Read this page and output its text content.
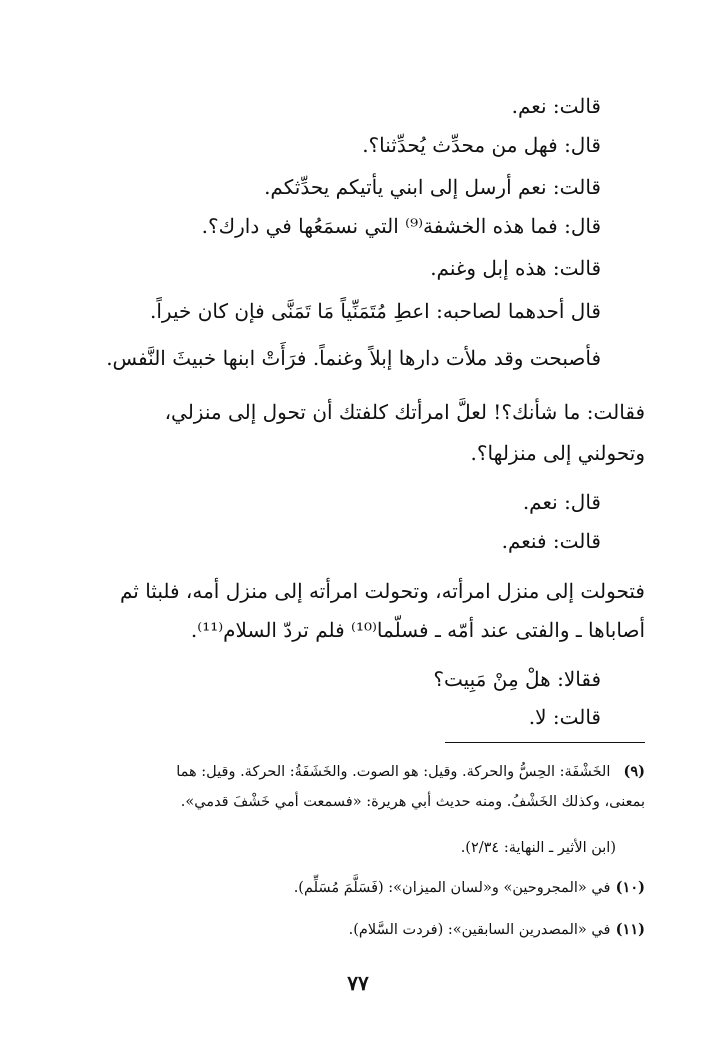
قالت: نعم.

قال: فهل من محدِّث يُحدِّثنا؟.

قالت: نعم أرسل إلى ابني يأتيكم يحدِّثكم.

قال: فما هذه الخشفة⁽⁹⁾ التي نسمَعُها في دارك؟.

قالت: هذه إبل وغنم.

قال أحدهما لصاحبه: اعطِ مُتَمَنِّياً مَا تَمَنَّى فإن كان خيراً.

فأصبحت وقد ملأت دارها إبلاً وغنماً. فرَأَتْ ابنها خبيثَ النَّفس.

فقالت: ما شأنك؟! لعلَّ امرأتك كلفتك أن تحول إلى منزلي،

وتحولني إلى منزلها؟.

قال: نعم.

قالت: فنعم.

فتحولت إلى منزل امرأته، وتحولت امرأته إلى منزل أمه، فلبثا ثم

أصاباها ـ والفتى عند أمّه ـ فسلّما⁽¹⁰⁾ فلم تردّ السلام⁽¹¹⁾.

فقالا: هلْ مِنْ مَبِيت؟

قالت: لا.

(٩) الخَشْفَة: الحِسُّ والحركة. وقيل: هو الصوت. والخَشَفَةُ: الحركة. وقيل: هما

بمعنى، وكذلك الخَشْفُ. ومنه حديث أبي هريرة: «فسمعت أمي خَشْفَ قدمي».

(ابن الأثير ـ النهاية: ٢/٣٤).

(١٠) في «المجروحين» و«لسان الميزان»: (فَسَلَّمَ مُسَلِّم).

(١١) في «المصدرين السابقين»: (فردت السَّلام).

٧٧
